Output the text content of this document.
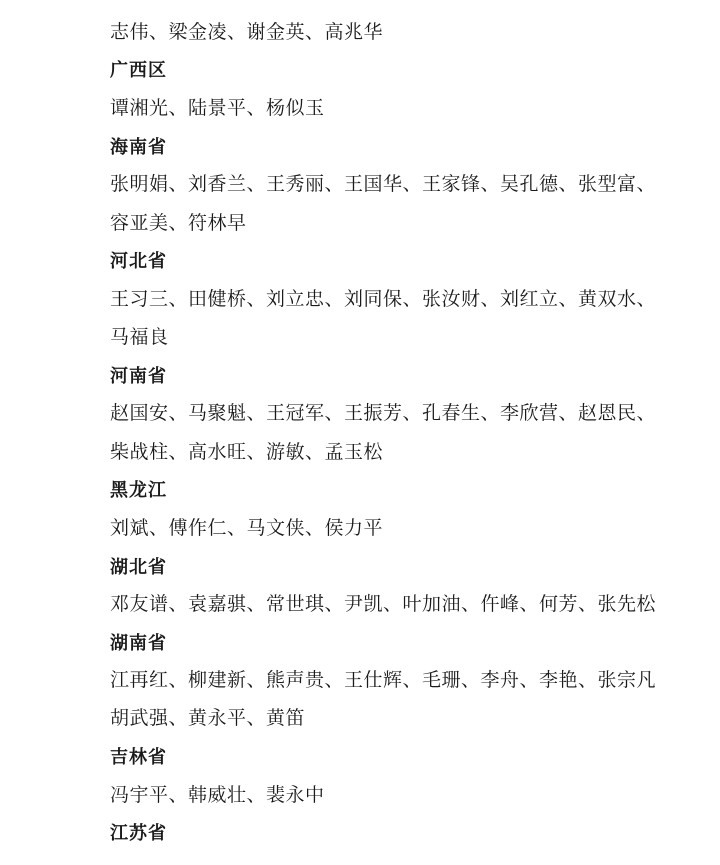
志伟、梁金凌、谢金英、高兆华
广西区
谭湘光、陆景平、杨似玉
海南省
张明娟、刘香兰、王秀丽、王国华、王家锋、吴孔德、张型富、
容亚美、符林早
河北省
王习三、田健桥、刘立忠、刘同保、张汝财、刘红立、黄双水、
马福良
河南省
赵国安、马聚魁、王冠军、王振芳、孔春生、李欣营、赵恩民、
柴战柱、高水旺、游敏、孟玉松
黑龙江
刘斌、傅作仁、马文侠、侯力平
湖北省
邓友谱、袁嘉骐、常世琪、尹凯、叶加油、仵峰、何芳、张先松
湖南省
江再红、柳建新、熊声贵、王仕辉、毛珊、李舟、李艳、张宗凡
胡武强、黄永平、黄笛
吉林省
冯宇平、韩威壮、裴永中
江苏省
